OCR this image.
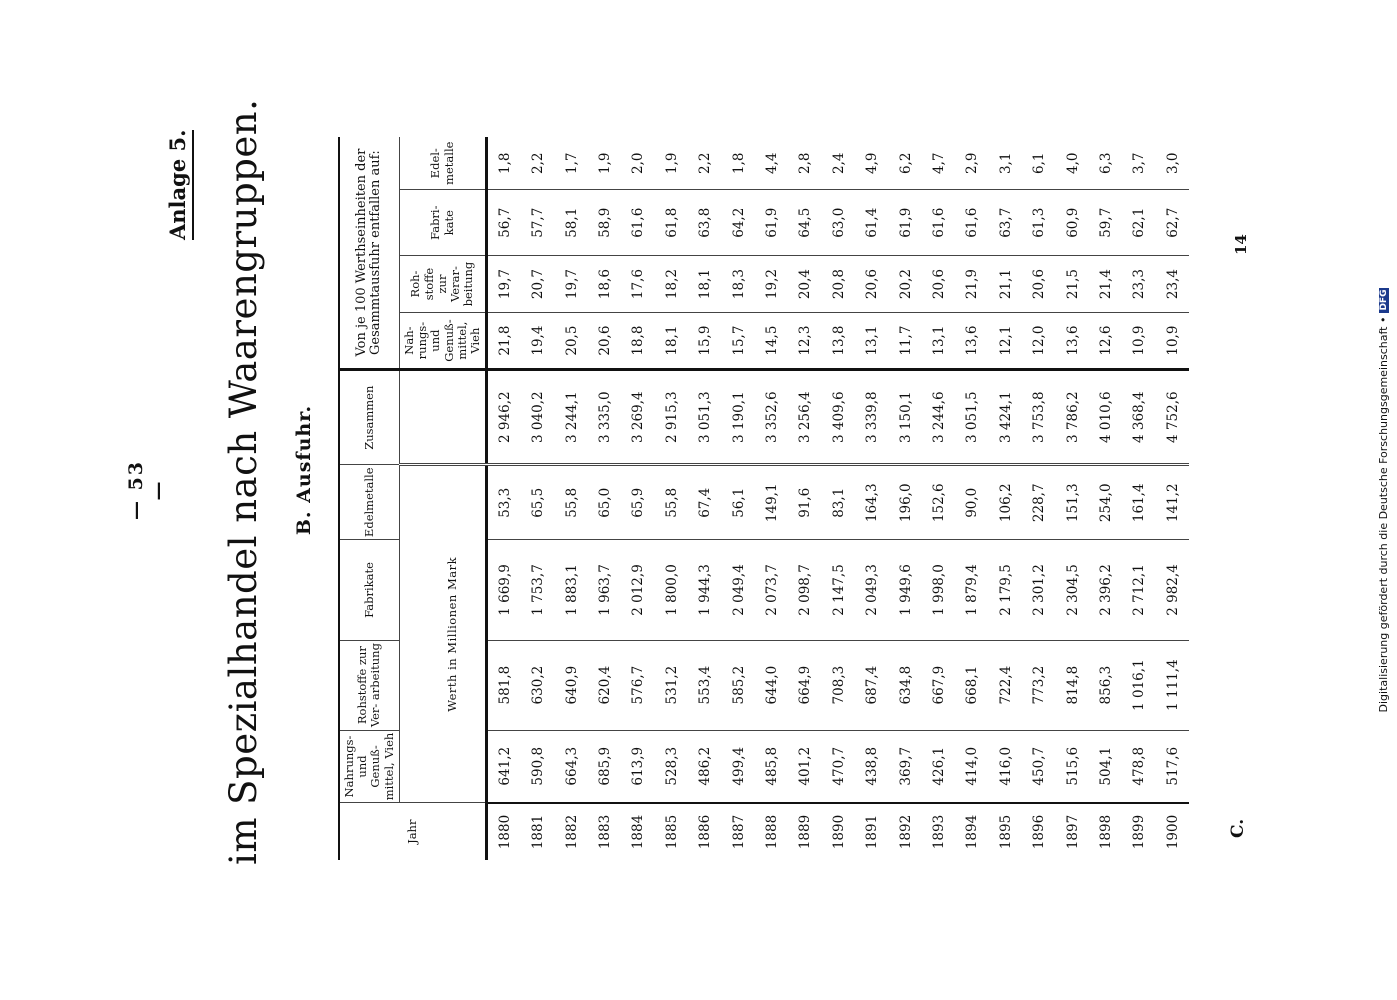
— 53 —
Anlage 5. im Spezialhandel nach Waarengruppen. B. Ausfuhr.
Jahr	Nahrungs- und Genuß- mittel, Vieh	Rohstoffe zur Ver- arbeitung	Fabrikate	Edelmetalle	Zusammen	Von je 100 Werthseinheiten der Gesammtausfuhr entfallen auf:			
						Nah- rungs- und Genuß- mittel, Vieh	Roh- stoffe zur Verar- beitung	Fabri- kate	Edel- metalle
	Werth in Millionen Mark								
1880	641,2	581,8	1 669,9	53,3	2 946,2	21,8	19,7	56,7	1,8
1881	590,8	630,2	1 753,7	65,5	3 040,2	19,4	20,7	57,7	2,2
1882	664,3	640,9	1 883,1	55,8	3 244,1	20,5	19,7	58,1	1,7
1883	685,9	620,4	1 963,7	65,0	3 335,0	20,6	18,6	58,9	1,9
1884	613,9	576,7	2 012,9	65,9	3 269,4	18,8	17,6	61,6	2,0
1885	528,3	531,2	1 800,0	55,8	2 915,3	18,1	18,2	61,8	1,9
1886	486,2	553,4	1 944,3	67,4	3 051,3	15,9	18,1	63,8	2,2
1887	499,4	585,2	2 049,4	56,1	3 190,1	15,7	18,3	64,2	1,8
1888	485,8	644,0	2 073,7	149,1	3 352,6	14,5	19,2	61,9	4,4
1889	401,2	664,9	2 098,7	91,6	3 256,4	12,3	20,4	64,5	2,8
1890	470,7	708,3	2 147,5	83,1	3 409,6	13,8	20,8	63,0	2,4
1891	438,8	687,4	2 049,3	164,3	3 339,8	13,1	20,6	61,4	4,9
1892	369,7	634,8	1 949,6	196,0	3 150,1	11,7	20,2	61,9	6,2
1893	426,1	667,9	1 998,0	152,6	3 244,6	13,1	20,6	61,6	4,7
1894	414,0	668,1	1 879,4	90,0	3 051,5	13,6	21,9	61,6	2,9
1895	416,0	722,4	2 179,5	106,2	3 424,1	12,1	21,1	63,7	3,1
1896	450,7	773,2	2 301,2	228,7	3 753,8	12,0	20,6	61,3	6,1
1897	515,6	814,8	2 304,5	151,3	3 786,2	13,6	21,5	60,9	4,0
1898	504,1	856,3	2 396,2	254,0	4 010,6	12,6	21,4	59,7	6,3
1899	478,8	1 016,1	2 712,1	161,4	4 368,4	10,9	23,3	62,1	3,7
1900	517,6	1 111,4	2 982,4	141,2	4 752,6	10,9	23,4	62,7	3,0
C.
14
Digitalisierung gefördert durch die Deutsche Forschungsgemeinschaft •
DFG
